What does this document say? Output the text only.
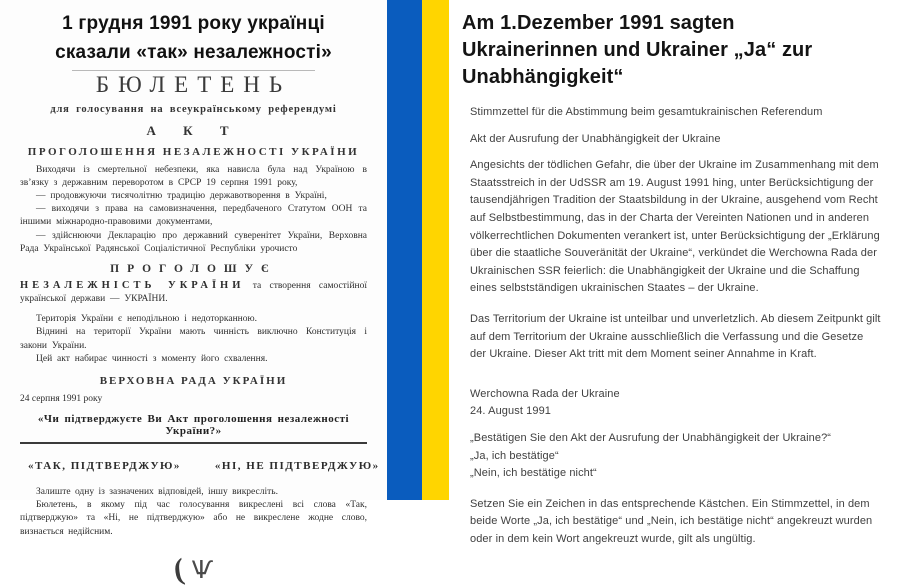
1 грудня 1991 року українці сказали «так» незалежності»
БЮЛЕТЕНЬ
для голосування на всеукраїнському референдумі
А К Т
ПРОГОЛОШЕННЯ НЕЗАЛЕЖНОСТІ УКРАЇНИ

Виходячи із смертельної небезпеки, яка нависла була над Україною в зв’язку з державним переворотом в СРСР 19 серпня 1991 року,

— продовжуючи тисячолітню традицію державотворення в Україні,

— виходячи з права на самовизначення, передбаченого Статутом ООН та іншими міжнародно-правовими документами,

— здійснюючи Декларацію про державний суверенітет України, Верховна Рада Української Радянської Соціалістичної Республіки урочисто

ПРОГОЛОШУЄ

НЕЗАЛЕЖНІСТЬ УКРАЇНИ та створення самостійної української держави — УКРАЇНИ.

Територія України є неподільною і недоторканною.

Віднині на території України мають чинність виключно Конституція і закони України.

Цей акт набирає чинності з моменту його схвалення.

ВЕРХОВНА РАДА УКРАЇНИ
24 серпня 1991 року
«Чи підтверджуєте Ви Акт проголошення незалежності України?»
«ТАК, ПІДТВЕРДЖУЮ»	«НІ, НЕ ПІДТВЕРДЖУЮ»

Залиште одну із зазначених відповідей, іншу викресліть.

Бюлетень, в якому під час голосування викреслені всі слова «Так, підтверджую» та «Ні, не підтверджую» або не викреслене жодне слово, визнається недійсним.

( Ѱ
Am 1.Dezember 1991 sagten Ukrainerinnen und Ukrainer „Ja“ zur Unabhängigkeit“

Stimmzettel für die Abstimmung beim gesamtukrainischen Referendum

Akt der Ausrufung der Unabhängigkeit der Ukraine

Angesichts der tödlichen Gefahr, die über der Ukraine im Zusammenhang mit dem Staatsstreich in der UdSSR am 19. August 1991 hing, unter Berücksichtigung der tausendjährigen Tradition der Staatsbildung in der Ukraine, ausgehend vom Recht auf Selbstbestimmung, das in der Charta der Vereinten Nationen und in anderen völkerrechtlichen Dokumenten verankert ist, unter Berücksichtigung der „Erklärung über die staatliche Souveränität der Ukraine“, verkündet die Werchowna Rada der Ukrainischen SSR feierlich: die Unabhängigkeit der Ukraine und die Schaffung eines selbstständigen ukrainischen Staates – der Ukraine.

Das Territorium der Ukraine ist unteilbar und unverletzlich. Ab diesem Zeitpunkt gilt auf dem Territorium der Ukraine ausschließlich die Verfassung und die Gesetze der Ukraine. Dieser Akt tritt mit dem Moment seiner Annahme in Kraft.

Werchowna Rada der Ukraine

24. August 1991

„Bestätigen Sie den Akt der Ausrufung der Unabhängigkeit der Ukraine?“

„Ja, ich bestätige“

„Nein, ich bestätige nicht“

Setzen Sie ein Zeichen in das entsprechende Kästchen. Ein Stimmzettel, in dem beide Worte „Ja, ich bestätige“ und „Nein, ich bestätige nicht“ angekreuzt wurden oder in dem kein Wort angekreuzt wurde, gilt als ungültig.
